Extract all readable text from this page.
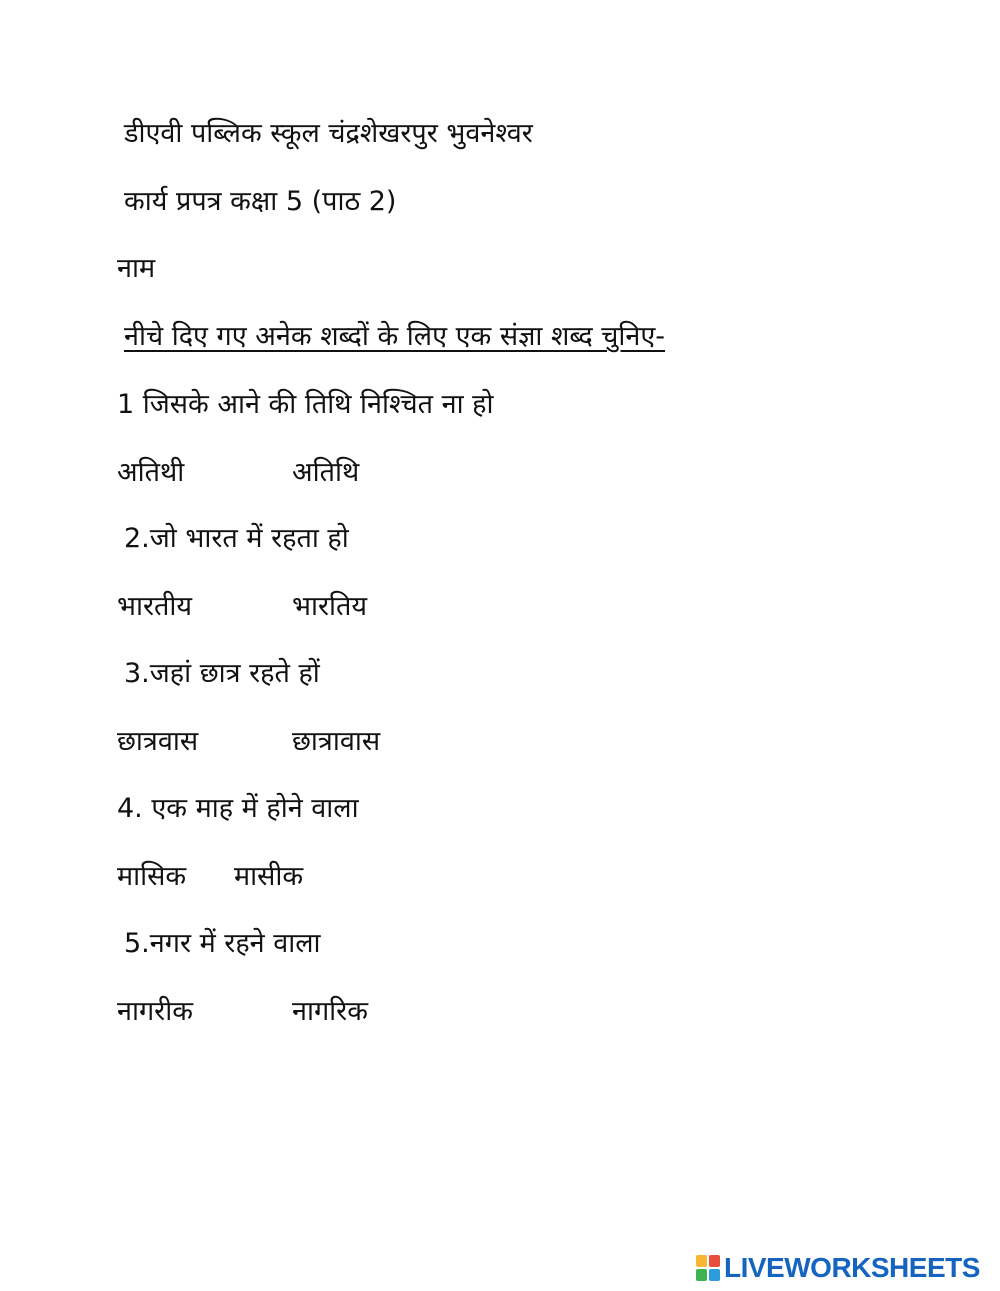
डीएवी पब्लिक स्कूल चंद्रशेखरपुर भुवनेश्वर
कार्य प्रपत्र कक्षा 5 (पाठ 2)
नाम
नीचे दिए गए अनेक शब्दों के लिए एक संज्ञा शब्द चुनिए-
1 जिसके आने की तिथि निश्चित ना हो
अतिथी	अतिथि
2.जो भारत में रहता हो
भारतीय	भारतिय
3.जहां छात्र रहते हों
छात्रवास	छात्रावास
4. एक माह में होने वाला
मासिक मासीक
5.नगर में रहने वाला
नागरीक	नागरिक
LIVEWORKSHEETS
